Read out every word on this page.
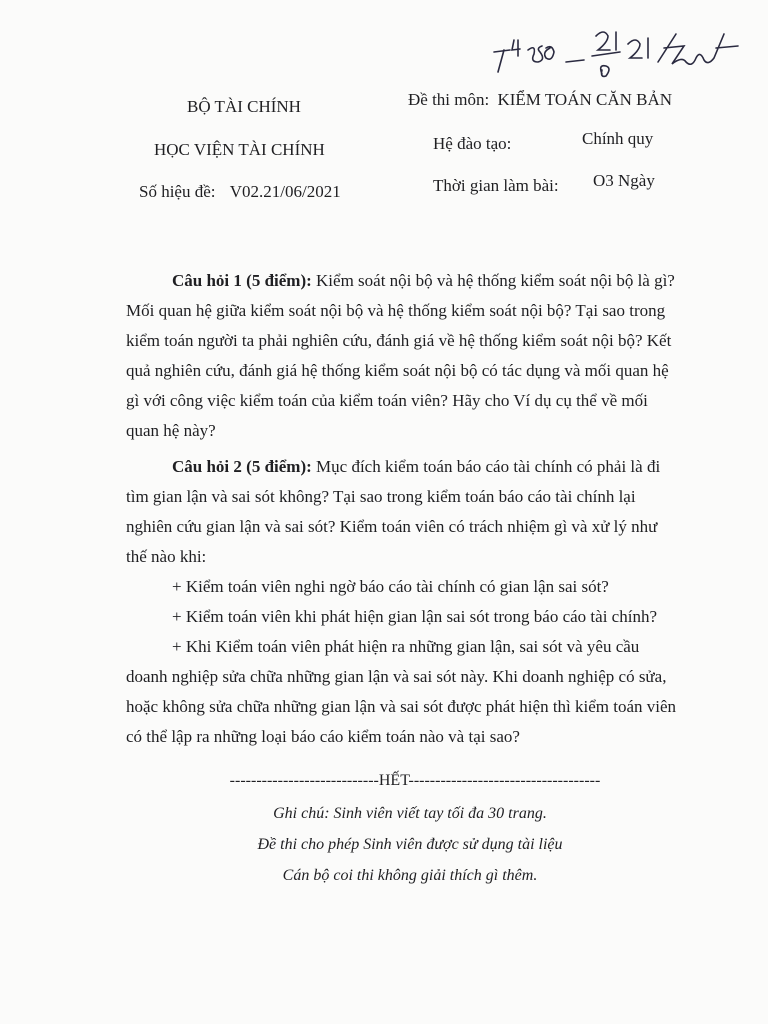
BỘ TÀI CHÍNH
HỌC VIỆN TÀI CHÍNH
Số hiệu đề: V02.21/06/2021
Đề thi môn: KIỂM TOÁN CĂN BẢN
Hệ đào tạo:	Chính quy
Thời gian làm bài: O3 Ngày
Câu hỏi 1 (5 điểm): Kiểm soát nội bộ và hệ thống kiểm soát nội bộ là gì?
Mối quan hệ giữa kiểm soát nội bộ và hệ thống kiểm soát nội bộ? Tại sao trong
kiểm toán người ta phải nghiên cứu, đánh giá về hệ thống kiểm soát nội bộ? Kết
quả nghiên cứu, đánh giá hệ thống kiểm soát nội bộ có tác dụng và mối quan hệ
gì với công việc kiểm toán của kiểm toán viên? Hãy cho Ví dụ cụ thể về mối
quan hệ này?
Câu hỏi 2 (5 điểm): Mục đích kiểm toán báo cáo tài chính có phải là đi
tìm gian lận và sai sót không? Tại sao trong kiểm toán báo cáo tài chính lại
nghiên cứu gian lận và sai sót? Kiểm toán viên có trách nhiệm gì và xử lý như
thế nào khi:
+ Kiểm toán viên nghi ngờ báo cáo tài chính có gian lận sai sót?
+ Kiểm toán viên khi phát hiện gian lận sai sót trong báo cáo tài chính?
+ Khi Kiểm toán viên phát hiện ra những gian lận, sai sót và yêu cầu
doanh nghiệp sửa chữa những gian lận và sai sót này. Khi doanh nghiệp có sửa,
hoặc không sửa chữa những gian lận và sai sót được phát hiện thì kiểm toán viên
có thể lập ra những loại báo cáo kiểm toán nào và tại sao?
----------------------------HẾT------------------------------------
Ghi chú: Sinh viên viết tay tối đa 30 trang.
Đề thi cho phép Sinh viên được sử dụng tài liệu
Cán bộ coi thi không giải thích gì thêm.
